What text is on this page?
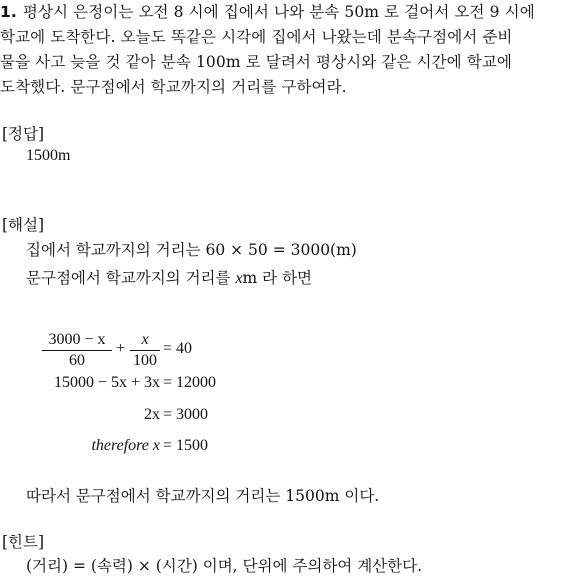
1. 평상시 은정이는 오전 8 시에 집에서 나와 분속 50m 로 걸어서 오전 9 시에
학교에 도착한다. 오늘도 똑같은 시각에 집에서 나왔는데 분속구점에서 준비
물을 사고 늦을 것 같아 분속 100m 로 달려서 평상시와 같은 시간에 학교에
도착했다. 문구점에서 학교까지의 거리를 구하여라.
[정답]
1500m
[해설]
집에서 학교까지의 거리는 60 × 50 = 3000(m)
문구점에서 학교까지의 거리를 xm 라 하면
$\frac{3000 - x}{60} + \frac{x}{100} = 40$
15000 − 5x + 3x = 12000
2x = 3000
therefore x = 1500
따라서 문구점에서 학교까지의 거리는 1500m 이다.
[힌트]
(거리) = (속력) × (시간) 이며, 단위에 주의하여 계산한다.
